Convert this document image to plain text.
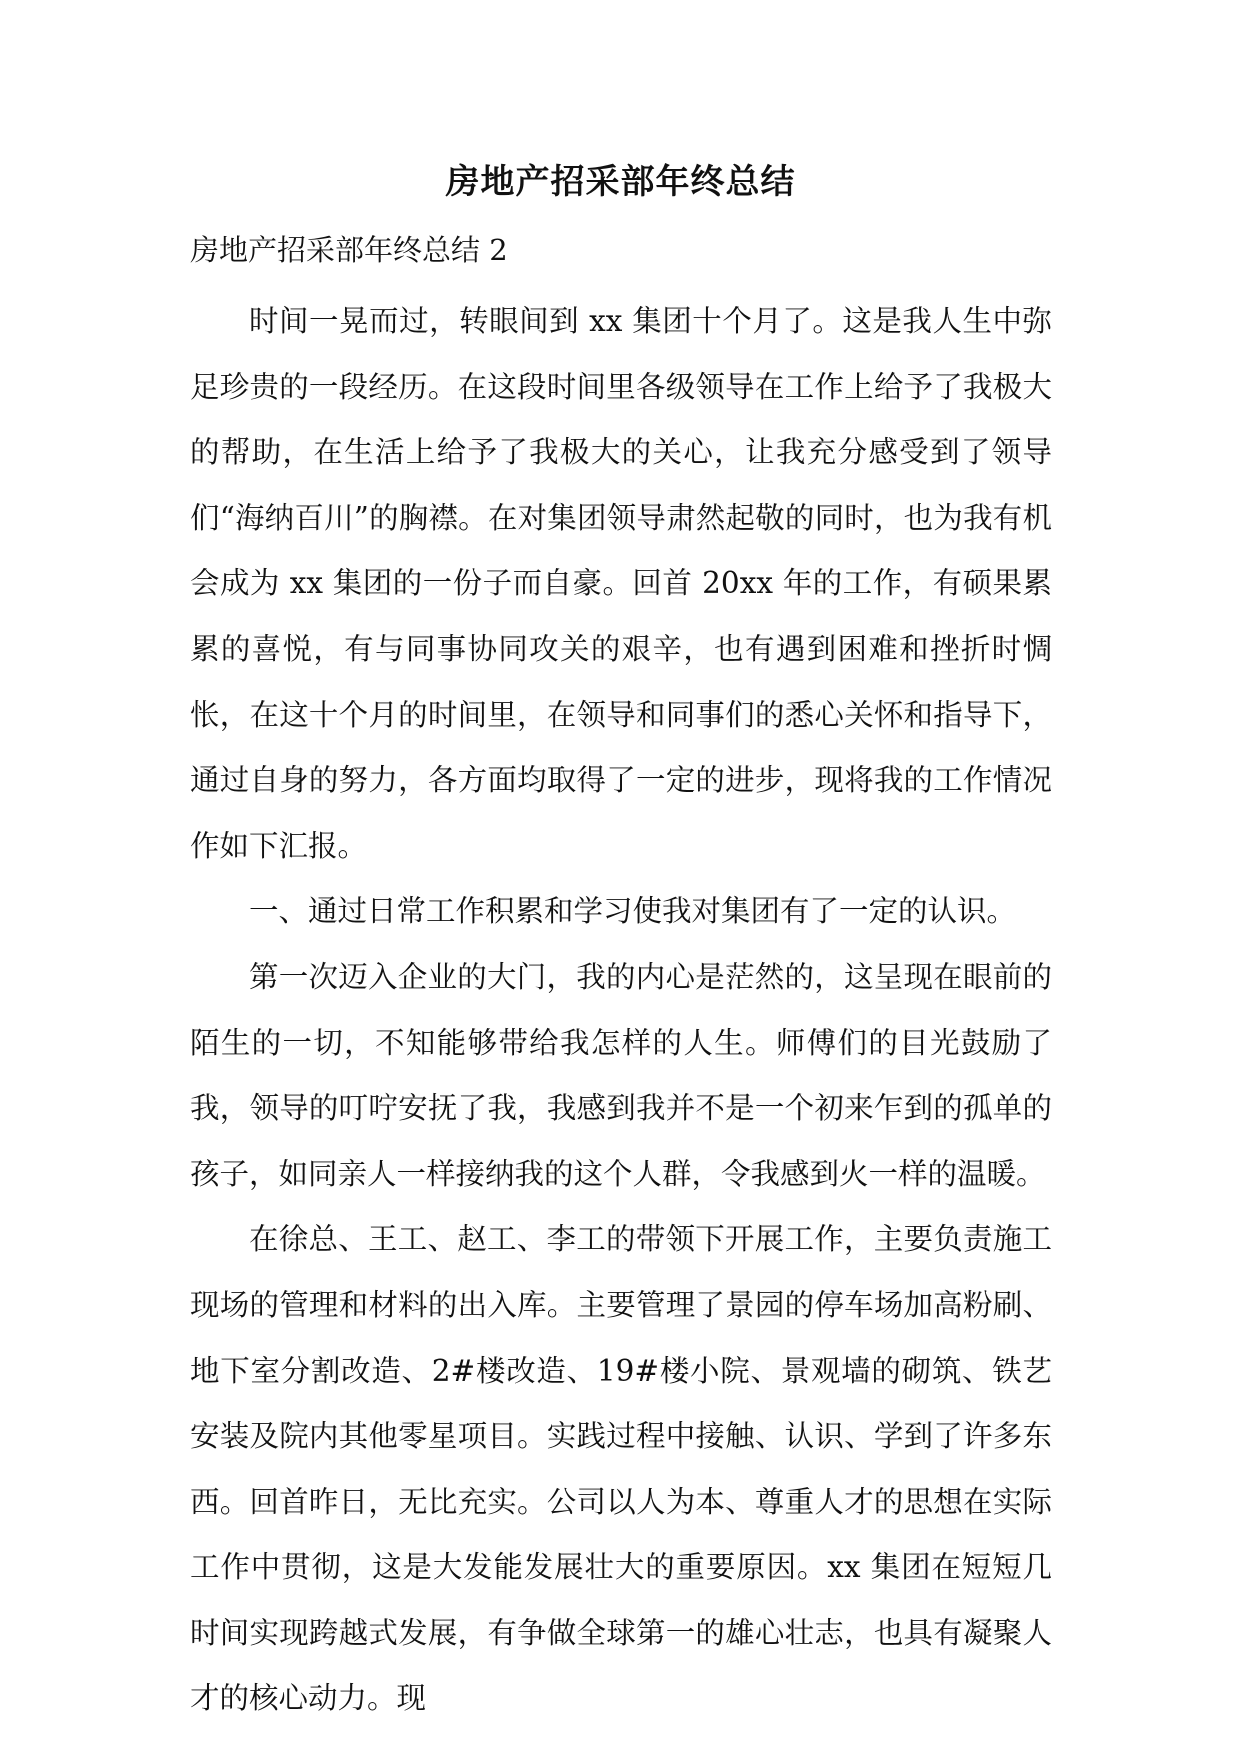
房地产招采部年终总结
房地产招采部年终总结 2

时间一晃而过，转眼间到 xx 集团十个月了。这是我人生中弥足珍贵的一段经历。在这段时间里各级领导在工作上给予了我极大的帮助，在生活上给予了我极大的关心，让我充分感受到了领导们“海纳百川”的胸襟。在对集团领导肃然起敬的同时，也为我有机会成为 xx 集团的一份子而自豪。回首 20xx 年的工作，有硕果累累的喜悦，有与同事协同攻关的艰辛，也有遇到困难和挫折时惆怅，在这十个月的时间里，在领导和同事们的悉心关怀和指导下，通过自身的努力，各方面均取得了一定的进步，现将我的工作情况作如下汇报。

一、通过日常工作积累和学习使我对集团有了一定的认识。

第一次迈入企业的大门，我的内心是茫然的，这呈现在眼前的陌生的一切，不知能够带给我怎样的人生。师傅们的目光鼓励了我，领导的叮咛安抚了我，我感到我并不是一个初来乍到的孤单的孩子，如同亲人一样接纳我的这个人群，令我感到火一样的温暖。

在徐总、王工、赵工、李工的带领下开展工作，主要负责施工现场的管理和材料的出入库。主要管理了景园的停车场加高粉刷、地下室分割改造、2#楼改造、19#楼小院、景观墙的砌筑、铁艺安装及院内其他零星项目。实践过程中接触、认识、学到了许多东西。回首昨日，无比充实。公司以人为本、尊重人才的思想在实际工作中贯彻，这是大发能发展壮大的重要原因。xx 集团在短短几时间实现跨越式发展，有争做全球第一的雄心壮志，也具有凝聚人才的核心动力。现
